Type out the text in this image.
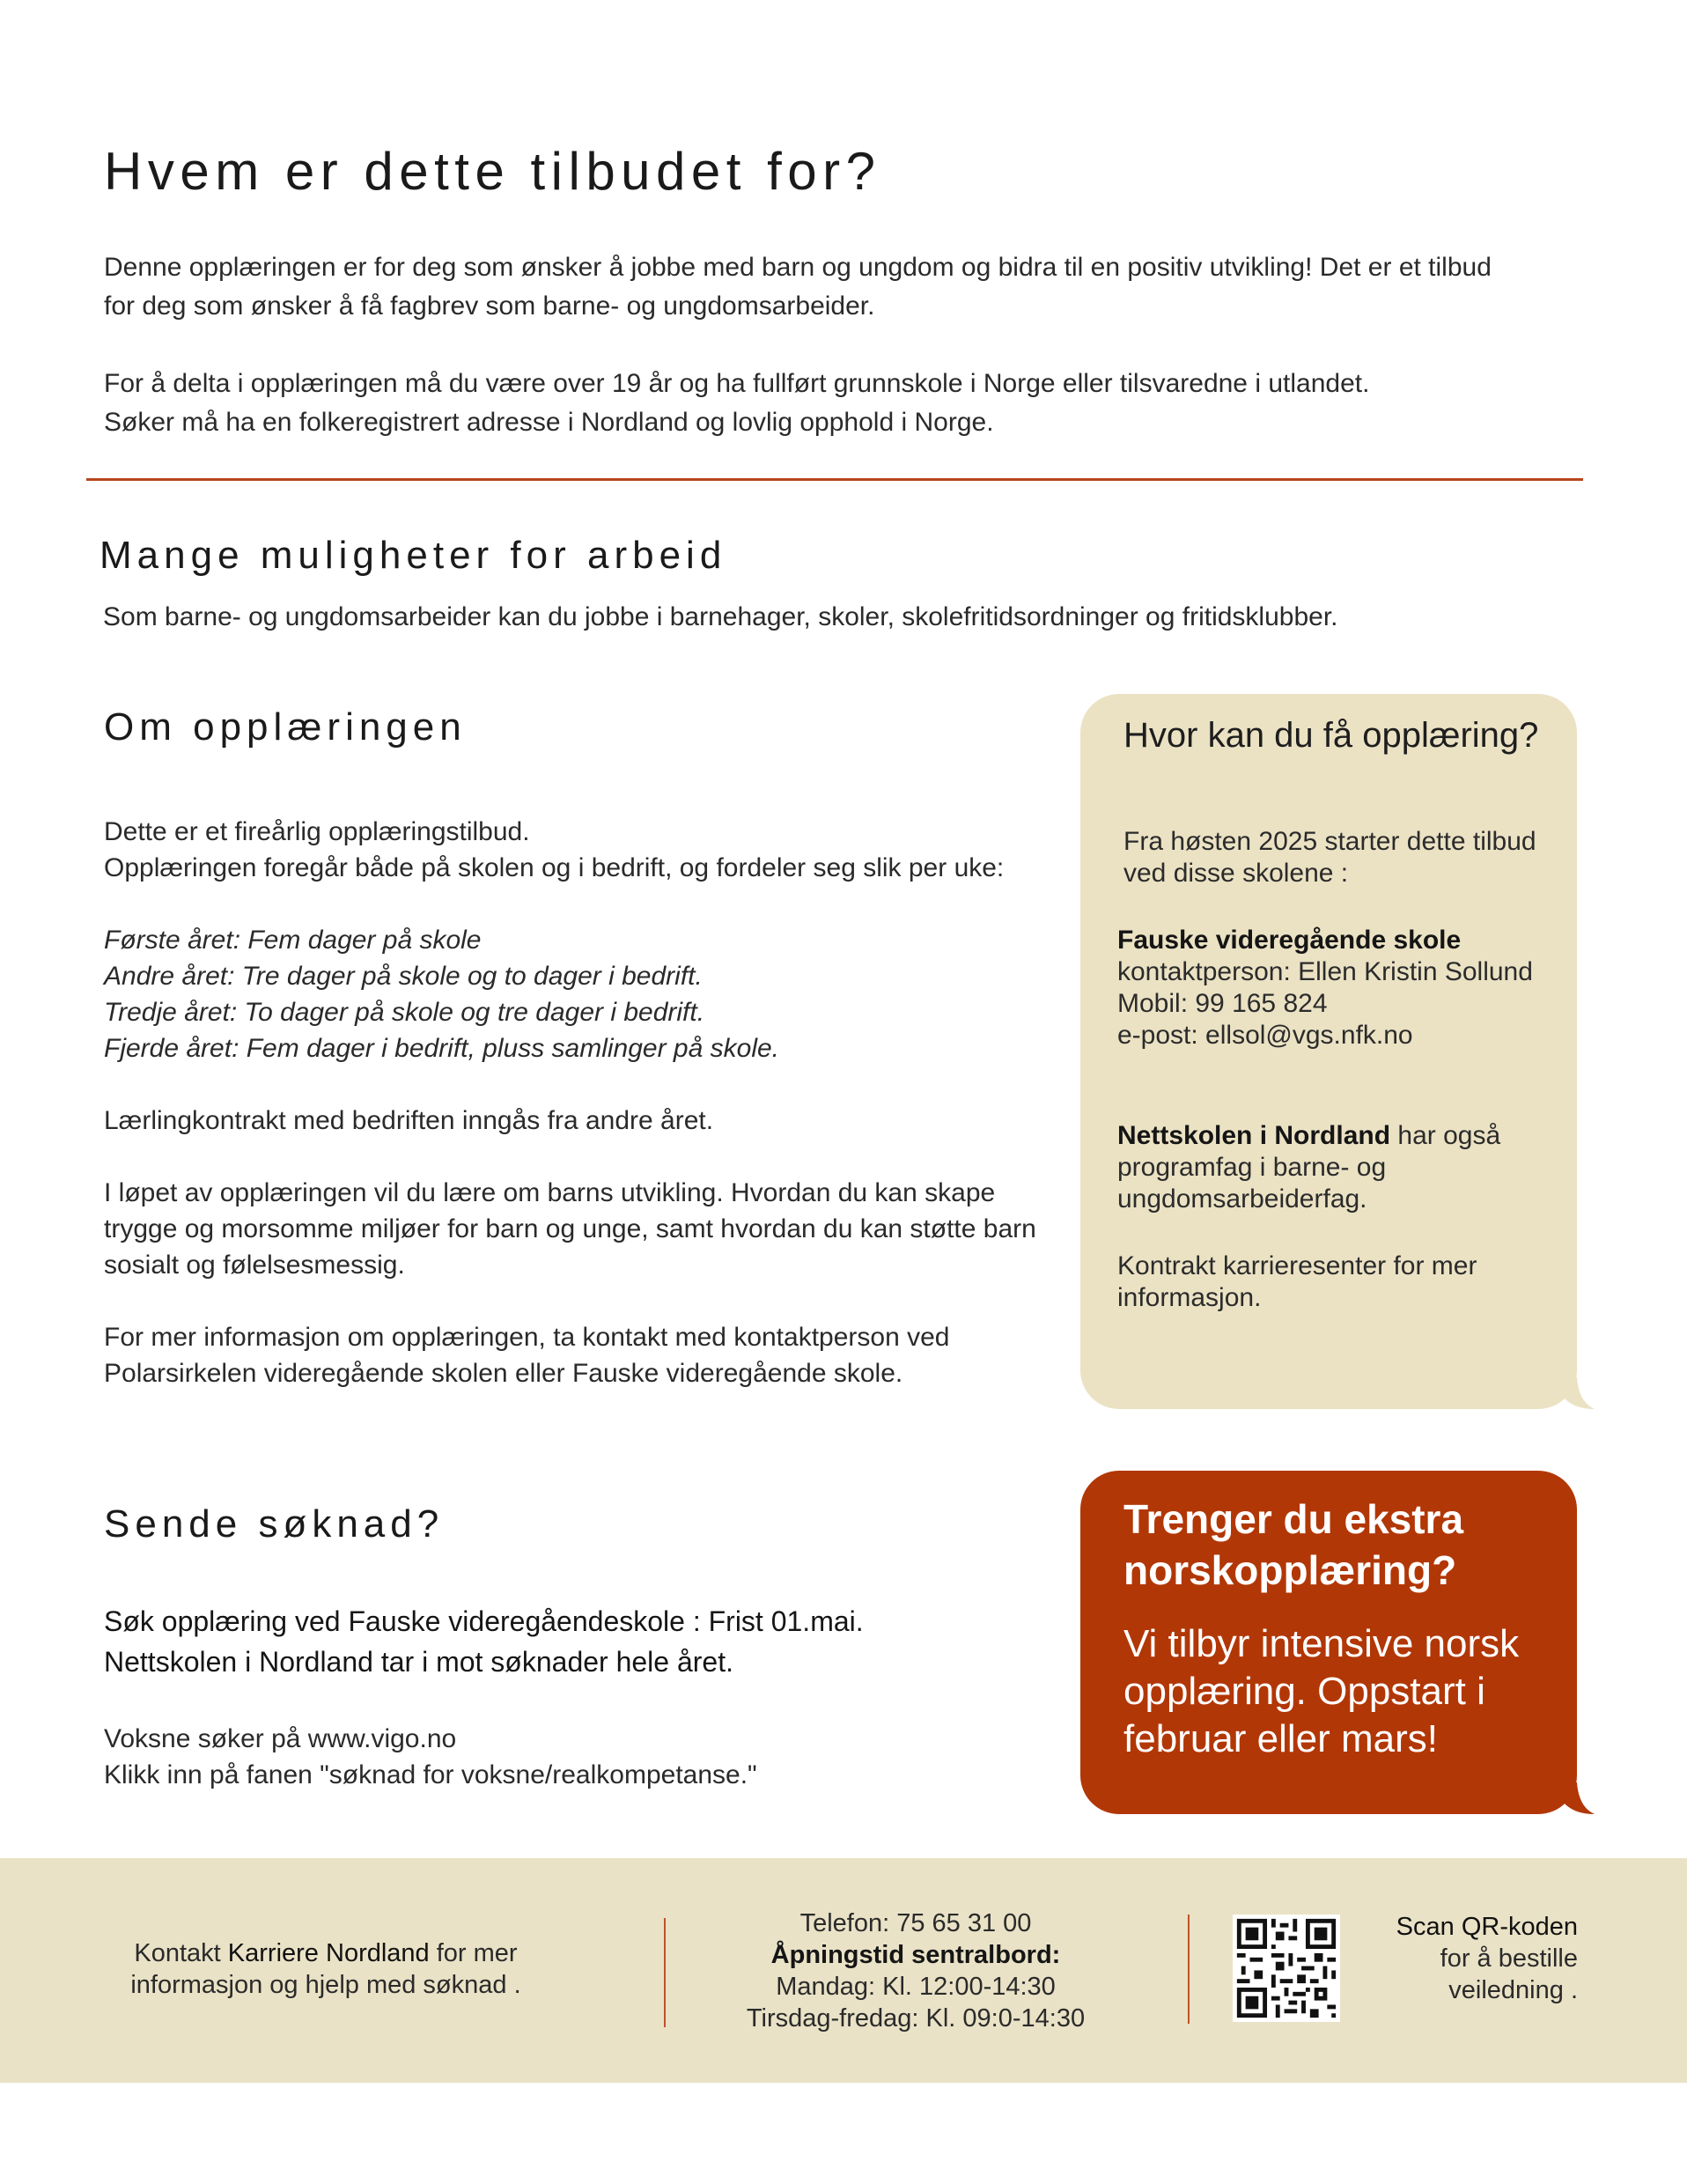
Hvem er dette tilbudet for?
Denne opplæringen er for deg som ønsker å jobbe med barn og ungdom og bidra til en positiv utvikling! Det er et tilbud
for deg som ønsker å få fagbrev som barne- og ungdomsarbeider.
For å delta i opplæringen må du være over 19 år og ha fullført grunnskole i Norge eller tilsvaredne i utlandet.
Søker må ha en folkeregistrert adresse i Nordland og lovlig opphold i Norge.
Mange muligheter for arbeid
Som barne- og ungdomsarbeider kan du jobbe i barnehager, skoler, skolefritidsordninger og fritidsklubber.
Om opplæringen
Dette er et fireårlig opplæringstilbud.
Opplæringen foregår både på skolen og i bedrift, og fordeler seg slik per uke:
Første året: Fem dager på skole
Andre året: Tre dager på skole og to dager i bedrift.
Tredje året: To dager på skole og tre dager i bedrift.
Fjerde året: Fem dager i bedrift, pluss samlinger på skole.
Lærlingkontrakt med bedriften inngås fra andre året.
I løpet av opplæringen vil du lære om barns utvikling. Hvordan du kan skape
trygge og morsomme miljøer for barn og unge, samt hvordan du kan støtte barn
sosialt og følelsesmessig.
For mer informasjon om opplæringen, ta kontakt med kontaktperson ved
Polarsirkelen videregående skolen eller Fauske videregående skole.
Hvor kan du få opplæring?
Fra høsten 2025 starter dette tilbud
ved disse skolene :
Fauske videregående skole
kontaktperson: Ellen Kristin Sollund
Mobil: 99 165 824
e-post: ellsol@vgs.nfk.no
Nettskolen i Nordland har også
programfag i barne- og
ungdomsarbeiderfag.
Kontrakt karrieresenter for mer
informasjon.
Sende søknad?
Søk opplæring ved Fauske videregåendeskole : Frist 01.mai.
Nettskolen i Nordland tar i mot søknader hele året.
Voksne søker på www.vigo.no
Klikk inn på fanen "søknad for voksne/realkompetanse."
Trenger du ekstra norskopplæring?
Vi tilbyr intensive norsk opplæring. Oppstart i februar eller mars!
Kontakt Karriere Nordland for mer
informasjon og hjelp med søknad .
Telefon: 75 65 31 00
Åpningstid sentralbord:
Mandag: Kl. 12:00-14:30
Tirsdag-fredag: Kl. 09:0-14:30
Scan QR-koden
for å bestille
veiledning .
